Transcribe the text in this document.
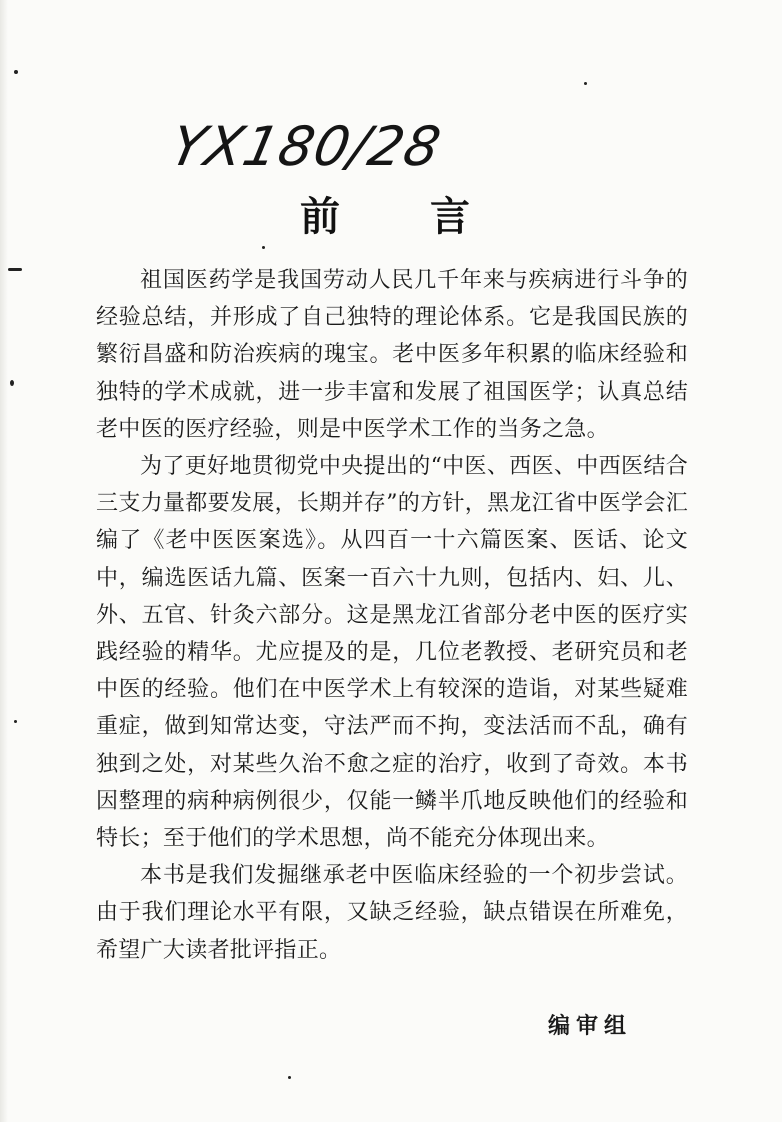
YX180/28
前 言

祖国医药学是我国劳动人民几千年来与疾病进行斗争的经验总结，并形成了自己独特的理论体系。它是我国民族的繁衍昌盛和防治疾病的瑰宝。老中医多年积累的临床经验和独特的学术成就，进一步丰富和发展了祖国医学；认真总结老中医的医疗经验，则是中医学术工作的当务之急。

为了更好地贯彻党中央提出的“中医、西医、中西医结合三支力量都要发展，长期并存”的方针，黑龙江省中医学会汇编了《老中医医案选》。从四百一十六篇医案、医话、论文中，编选医话九篇、医案一百六十九则，包括内、妇、儿、外、五官、针灸六部分。这是黑龙江省部分老中医的医疗实践经验的精华。尤应提及的是，几位老教授、老研究员和老中医的经验。他们在中医学术上有较深的造诣，对某些疑难重症，做到知常达变，守法严而不拘，变法活而不乱，确有独到之处，对某些久治不愈之症的治疗，收到了奇效。本书因整理的病种病例很少，仅能一鳞半爪地反映他们的经验和特长；至于他们的学术思想，尚不能充分体现出来。

本书是我们发掘继承老中医临床经验的一个初步尝试。由于我们理论水平有限，又缺乏经验，缺点错误在所难免，希望广大读者批评指正。

编审组
